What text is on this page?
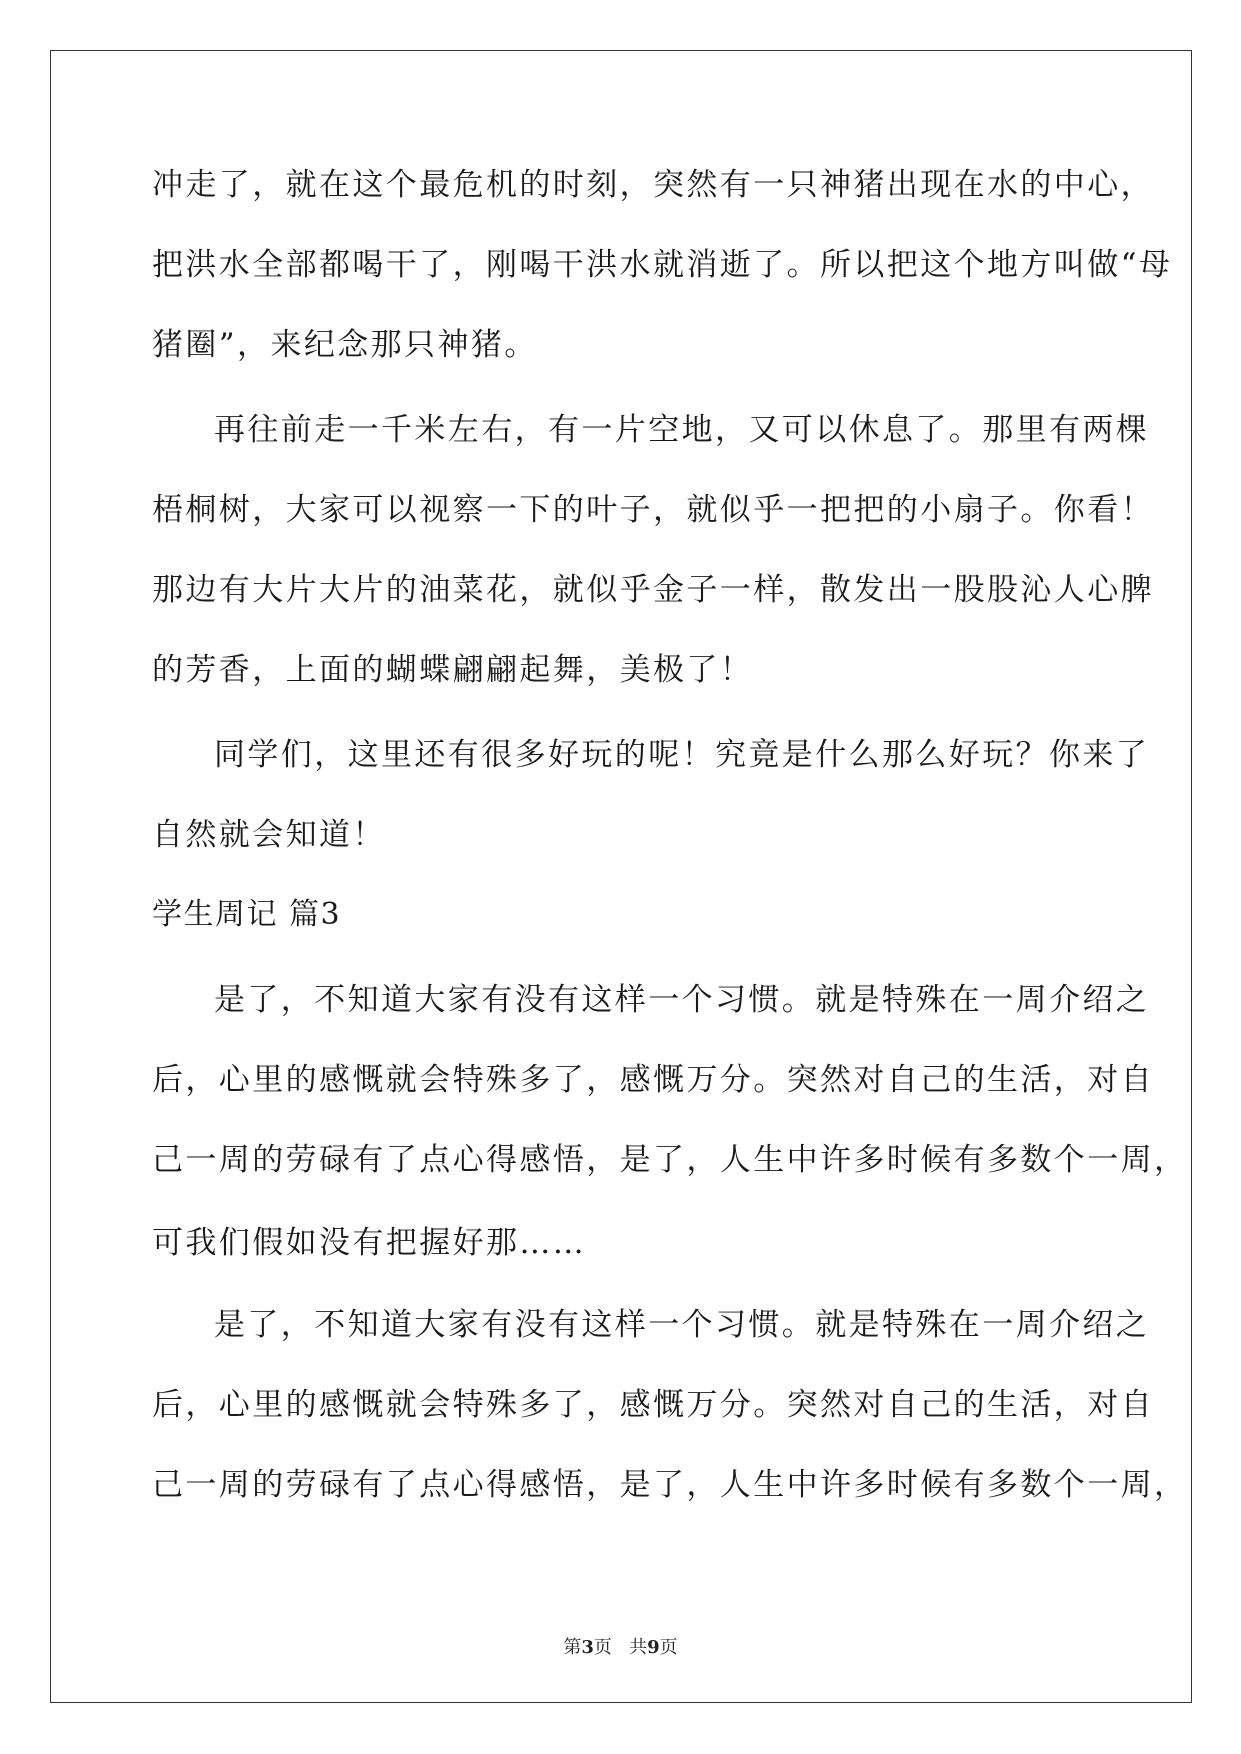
冲走了，就在这个最危机的时刻，突然有一只神猪出现在水的中心，
把洪水全部都喝干了，刚喝干洪水就消逝了。所以把这个地方叫做“母
猪圈”，来纪念那只神猪。
再往前走一千米左右，有一片空地，又可以休息了。那里有两棵
梧桐树，大家可以视察一下的叶子，就似乎一把把的小扇子。你看！
那边有大片大片的油菜花，就似乎金子一样，散发出一股股沁人心脾
的芳香，上面的蝴蝶翩翩起舞，美极了！
同学们，这里还有很多好玩的呢！究竟是什么那么好玩？你来了
自然就会知道！
学生周记 篇3
是了，不知道大家有没有这样一个习惯。就是特殊在一周介绍之
后，心里的感慨就会特殊多了，感慨万分。突然对自己的生活，对自
己一周的劳碌有了点心得感悟，是了，人生中许多时候有多数个一周，
可我们假如没有把握好那……
是了，不知道大家有没有这样一个习惯。就是特殊在一周介绍之
后，心里的感慨就会特殊多了，感慨万分。突然对自己的生活，对自
己一周的劳碌有了点心得感悟，是了，人生中许多时候有多数个一周，
第3页   共9页
